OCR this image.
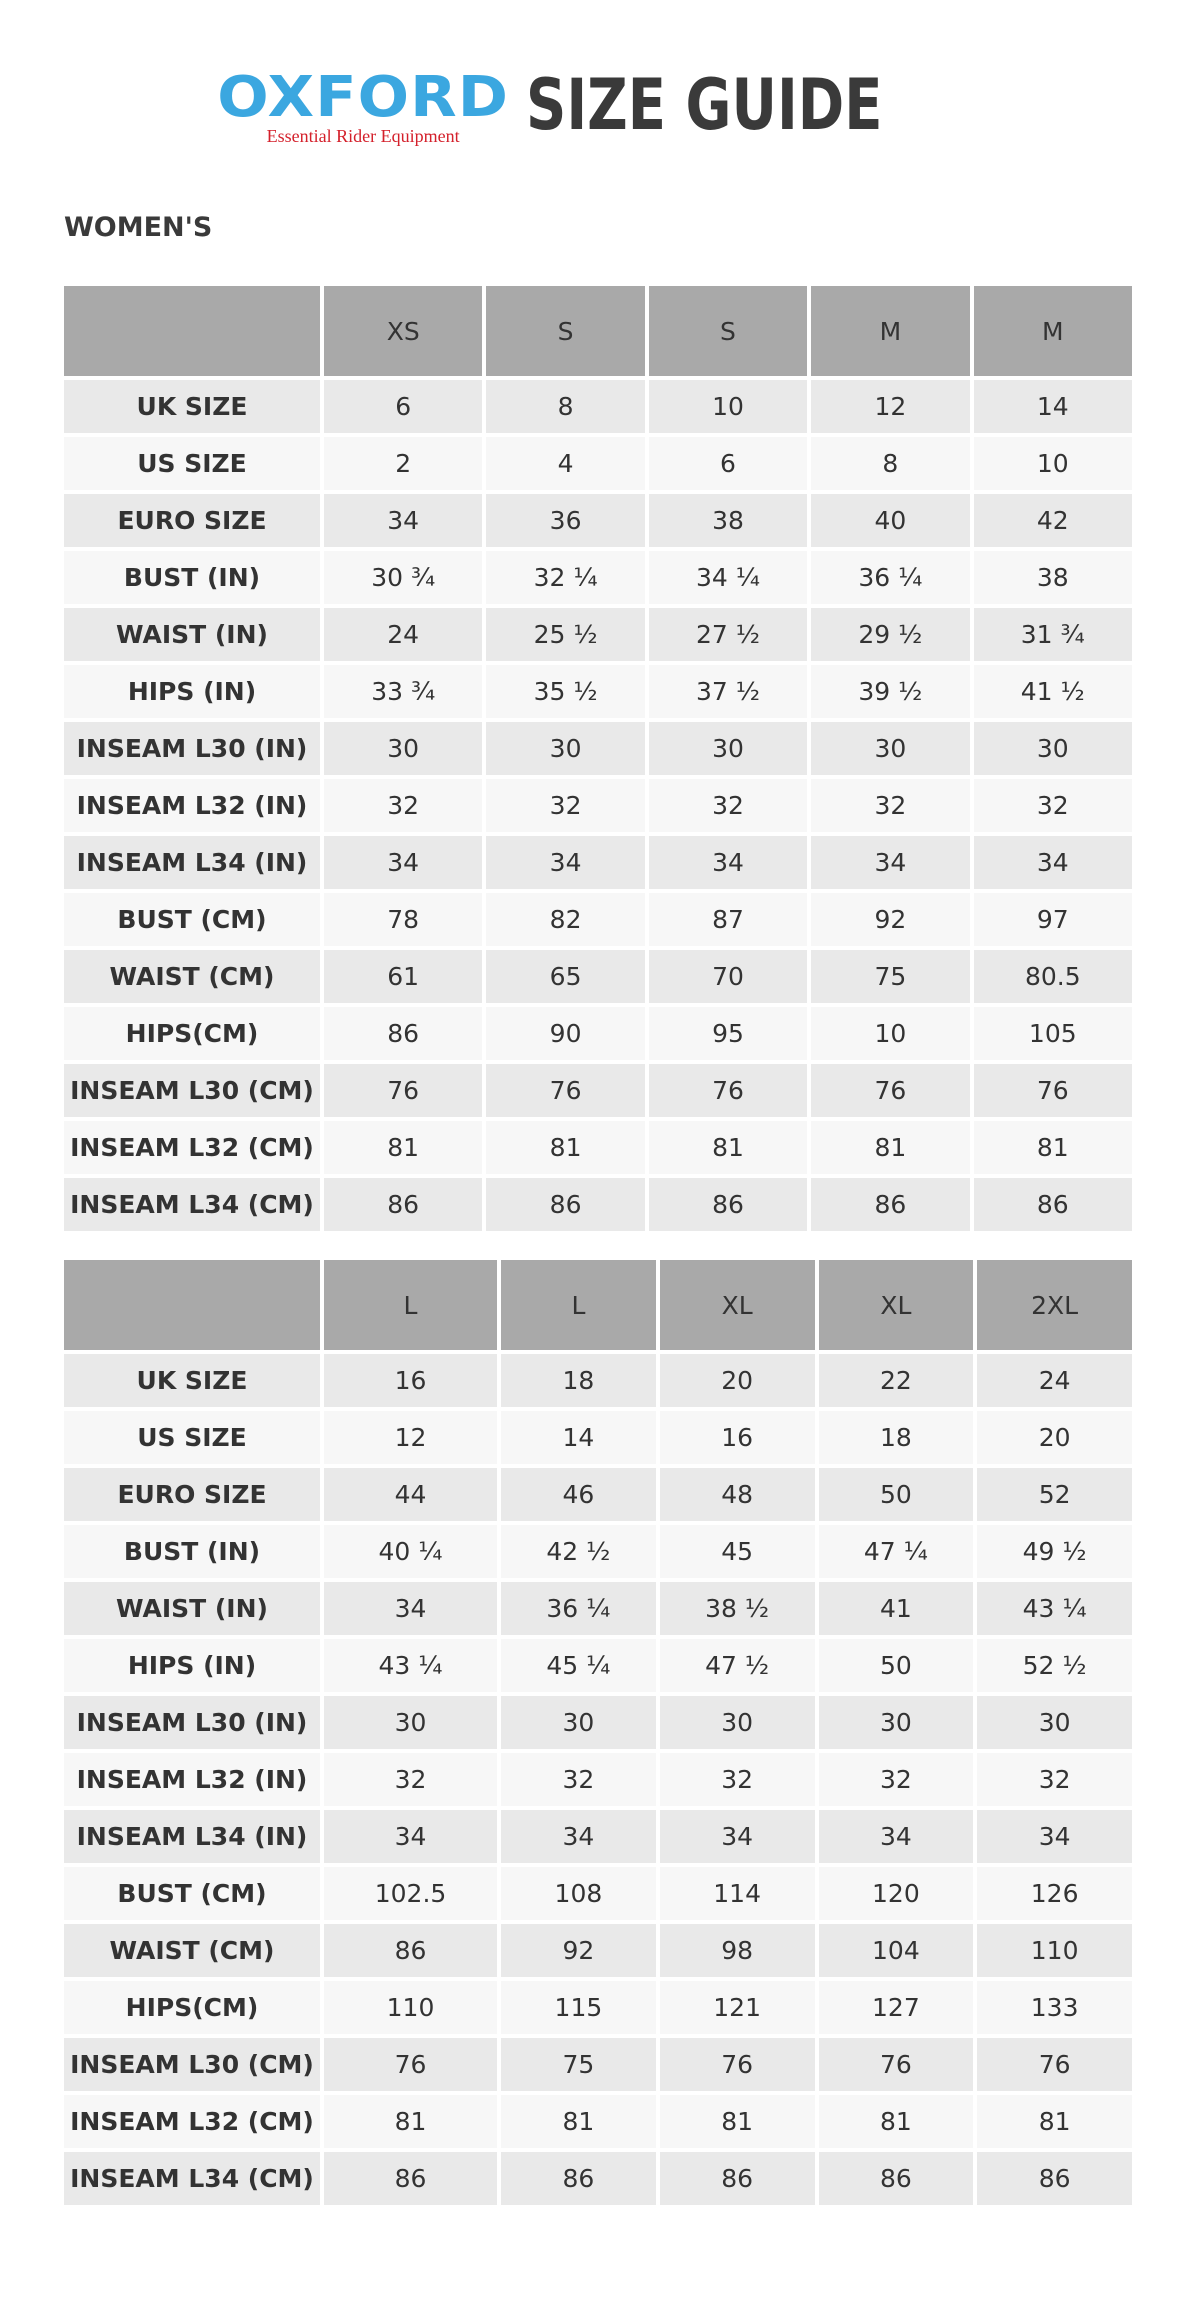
OXFORD
Essential Rider Equipment SIZE GUIDE
WOMEN'S
	XS	S	S	M	M
UK SIZE	6	8	10	12	14
US SIZE	2	4	6	8	10
EURO SIZE	34	36	38	40	42
BUST (IN)	30 ¾	32 ¼	34 ¼	36 ¼	38
WAIST (IN)	24	25 ½	27 ½	29 ½	31 ¾
HIPS (IN)	33 ¾	35 ½	37 ½	39 ½	41 ½
INSEAM L30 (IN)	30	30	30	30	30
INSEAM L32 (IN)	32	32	32	32	32
INSEAM L34 (IN)	34	34	34	34	34
BUST (CM)	78	82	87	92	97
WAIST (CM)	61	65	70	75	80.5
HIPS(CM)	86	90	95	10	105
INSEAM L30 (CM)	76	76	76	76	76
INSEAM L32 (CM)	81	81	81	81	81
INSEAM L34 (CM)	86	86	86	86	86
	L	L	XL	XL	2XL
UK SIZE	16	18	20	22	24
US SIZE	12	14	16	18	20
EURO SIZE	44	46	48	50	52
BUST (IN)	40 ¼	42 ½	45	47 ¼	49 ½
WAIST (IN)	34	36 ¼	38 ½	41	43 ¼
HIPS (IN)	43 ¼	45 ¼	47 ½	50	52 ½
INSEAM L30 (IN)	30	30	30	30	30
INSEAM L32 (IN)	32	32	32	32	32
INSEAM L34 (IN)	34	34	34	34	34
BUST (CM)	102.5	108	114	120	126
WAIST (CM)	86	92	98	104	110
HIPS(CM)	110	115	121	127	133
INSEAM L30 (CM)	76	75	76	76	76
INSEAM L32 (CM)	81	81	81	81	81
INSEAM L34 (CM)	86	86	86	86	86
